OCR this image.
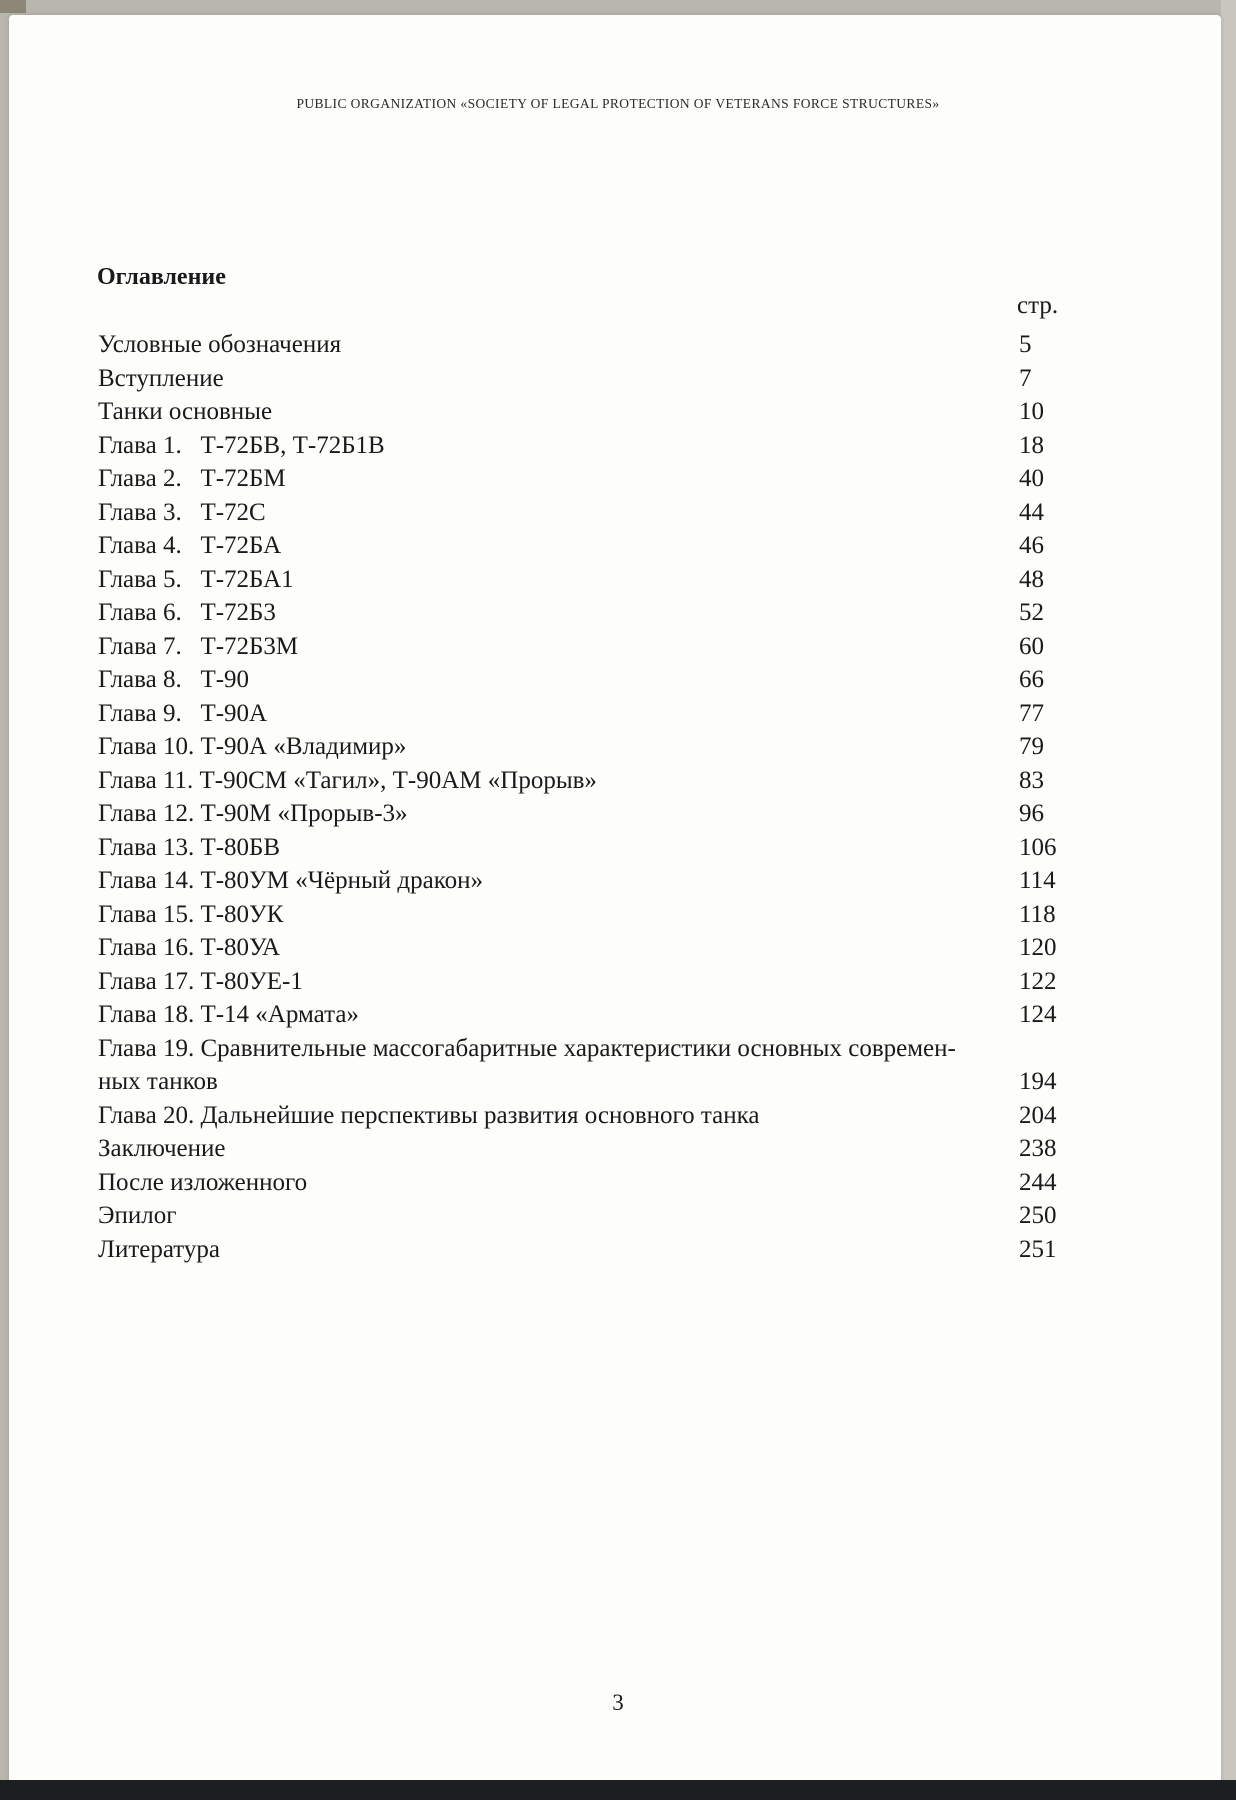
PUBLIC ORGANIZATION «SOCIETY OF LEGAL PROTECTION OF VETERANS FORCE STRUCTURES»
Оглавление
стр.
Условные обозначения	5
Вступление	7
Танки основные	10
Глава 1.   Т-72БВ, Т-72Б1В	18
Глава 2.   Т-72БМ	40
Глава 3.   Т-72С	44
Глава 4.   Т-72БА	46
Глава 5.   Т-72БА1	48
Глава 6.   Т-72Б3	52
Глава 7.   Т-72Б3М	60
Глава 8.   Т-90	66
Глава 9.   Т-90А	77
Глава 10. Т-90А «Владимир»	79
Глава 11. Т-90СМ «Тагил», Т-90АМ «Прорыв»	83
Глава 12. Т-90М «Прорыв-3»	96
Глава 13. Т-80БВ	106
Глава 14. Т-80УМ «Чёрный дракон»	114
Глава 15. Т-80УК	118
Глава 16. Т-80УА	120
Глава 17. Т-80УЕ-1	122
Глава 18. Т-14 «Армата»	124
Глава 19. Сравнительные массогабаритные характеристики основных современ-
ных танков	194
Глава 20. Дальнейшие перспективы развития основного танка	204
Заключение	238
После изложенного	244
Эпилог	250
Литература	251
3
